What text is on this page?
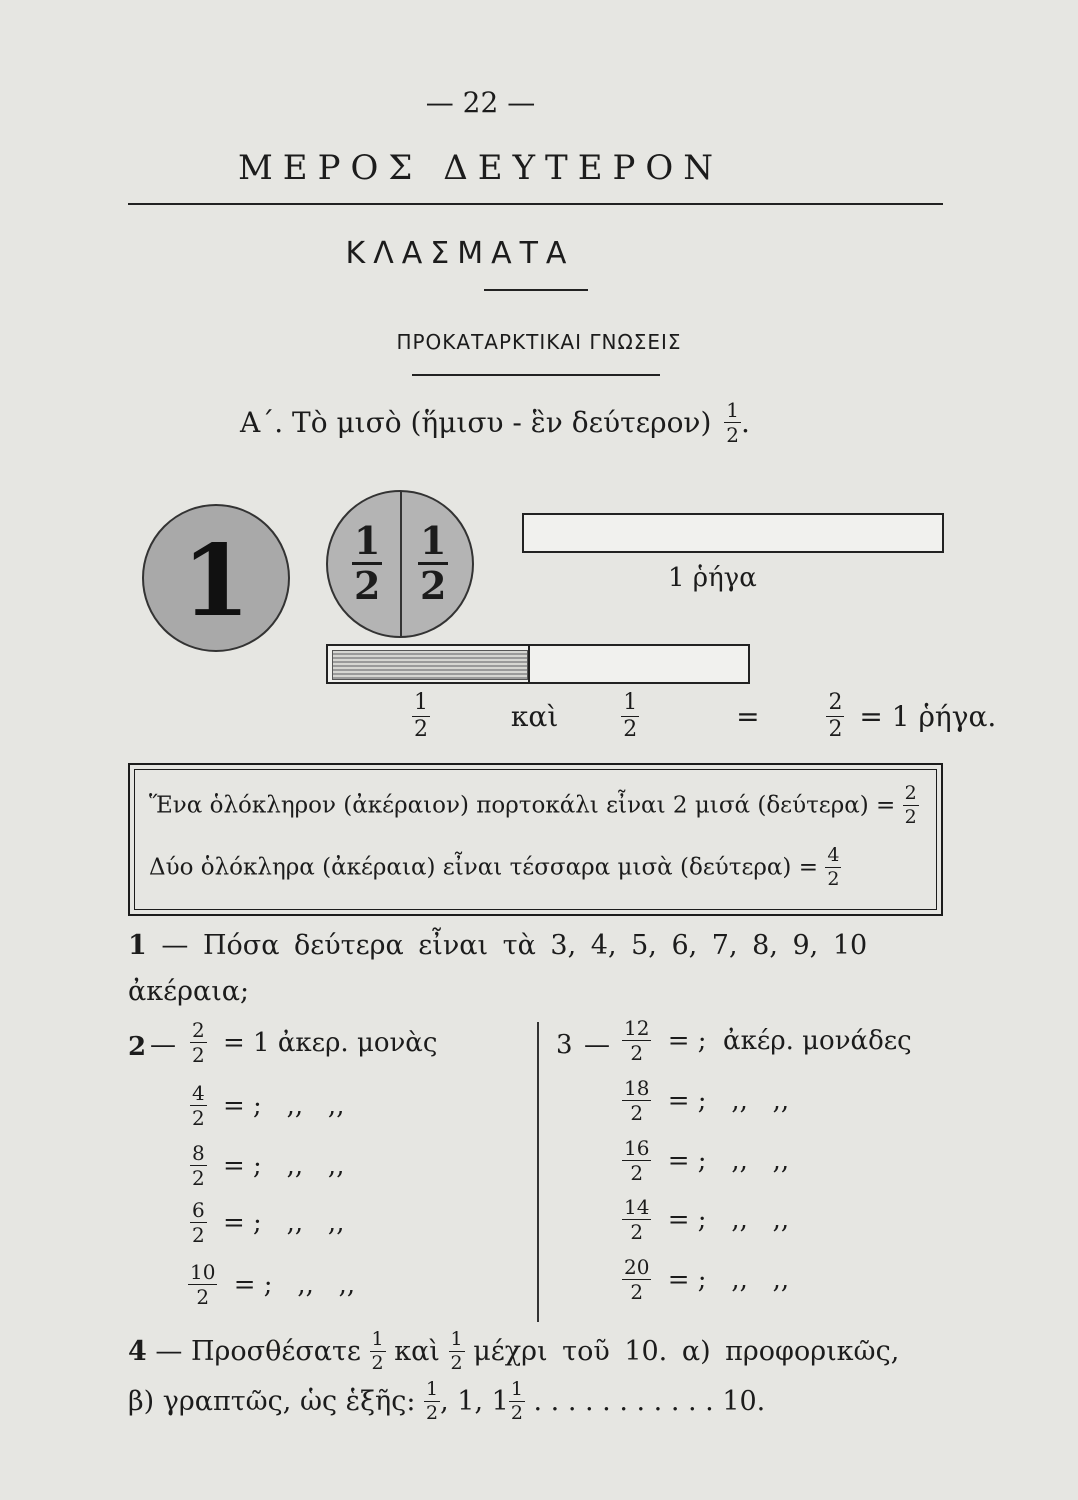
— 22 —
ΜΕΡΟΣ ΔΕΥΤΕΡΟΝ
ΚΛΑΣΜΑΤΑ
ΠΡΟΚΑΤΑΡΚΤΙΚΑΙ ΓΝΩΣΕΙΣ
Α΄. Τὸ μισὸ (ἥμισυ - ἓν $\delta\varepsilon ύ\tau\varepsilon\rho o\nu) \frac{1}{2}$ .
1	$\frac{1}{2} \frac{1}{2}$	1 ῥήγα
$\frac{1}{2}$	καὶ	$\frac{1}{2}$	=	$\frac{2}{2} = 1$ ῥήγα.
Ἕνα ὁλόκληρον (ἀκέραιον) πορτοκάλι εἶναι 2 μισά $(\delta\varepsilon ύ\tau\varepsilon\rho\alpha) = \frac{2}{2}$
Δύο ὁλόκληρα (ἀκέραια) εἶναι τέσσαρα μισὰ $(\delta\varepsilon ύ\tau\varepsilon\rho\alpha) = \frac{4}{2}$
1 — Πόσα δεύτερα εἶναι τὰ 3, 4, 5, 6, 7, 8, 9, 10
ἀκέραια;
2 — $\frac{2}{2} = 1$ ἀκερ. μονὰς
$\frac{4}{2}$ = ;   ,,   ,,
$\frac{8}{2}$ = ;   ,,   ,,
$\frac{6}{2}$ = ;   ,,   ,,
$\frac{10}{2}$ = ;   ,,   ,,
3 — $\frac{12}{2}$ = ;  ἀκέρ. μονάδες
$\frac{18}{2}$ = ;   ,,   ,,
$\frac{16}{2}$ = ;   ,,   ,,
$\frac{14}{2}$ = ;   ,,   ,,
$\frac{20}{2}$ = ;   ,,   ,,
4 — Προσθέσατε $\frac{1}{2}$ καὶ $\frac{1}{2}$ μέχρι τοῦ 10. α) προφορικῶς,
β) γραπτῶς, ὡς ἑξῆς: $\frac{1}{2}$ , 1, $1 \frac{1}{2}$ . . . . . . . . . . . 10.
